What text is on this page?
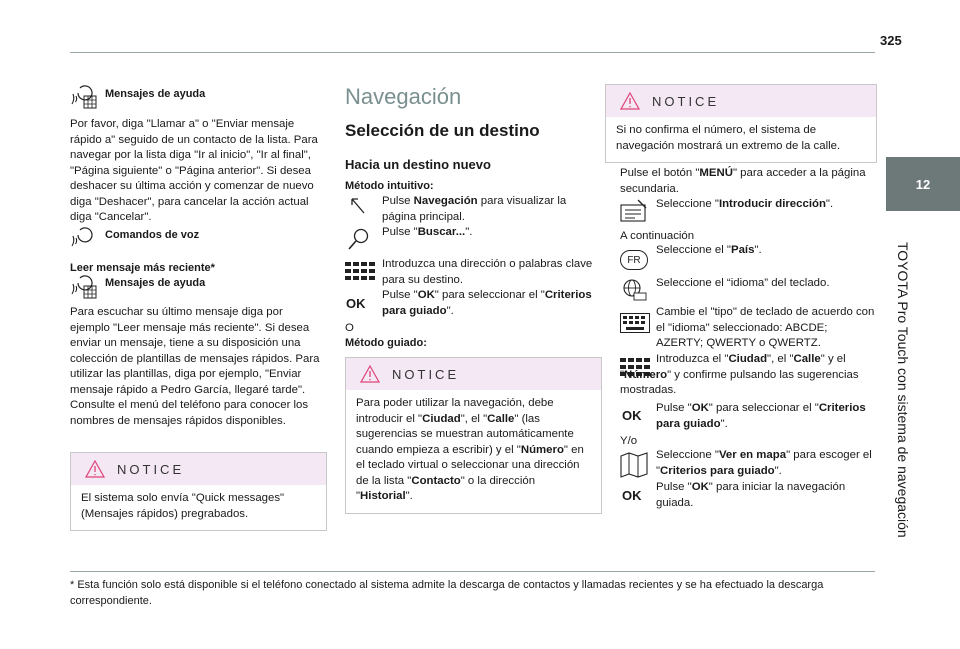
325
12
TOYOTA Pro Touch con sistema de navegación
Mensajes de ayuda
Por favor, diga "Llamar a" o "Enviar mensaje rápido a" seguido de un contacto de la lista. Para navegar por la lista diga "Ir al inicio", "Ir al final", "Página siguiente" o "Página anterior". Si desea deshacer su última acción y comenzar de nuevo diga "Deshacer", para cancelar la acción actual diga "Cancelar".
Comandos de voz
Leer mensaje más reciente*
Mensajes de ayuda
Para escuchar su último mensaje diga por ejemplo "Leer mensaje más reciente". Si desea enviar un mensaje, tiene a su disposición una colección de plantillas de mensajes rápidos. Para utilizar las plantillas, diga por ejemplo, "Enviar mensaje rápido a Pedro García, llegaré tarde". Consulte el menú del teléfono para conocer los nombres de mensajes rápidos disponibles.
NOTICE
El sistema solo envía "Quick messages" (Mensajes rápidos) pregrabados.
Navegación
Selección de un destino
Hacia un destino nuevo
Método intuitivo:
Pulse Navegación para visualizar la página principal.
Pulse "Buscar...".
Introduzca una dirección o palabras clave para su destino.
OK
Pulse "OK" para seleccionar el "Criterios para guiado".
O
Método guiado:
NOTICE
Para poder utilizar la navegación, debe introducir el "Ciudad", el "Calle" (las sugerencias se muestran automáticamente cuando empieza a escribir) y el "Número" en el teclado virtual o seleccionar una dirección de la lista "Contacto" o la dirección "Historial".
NOTICE
Si no confirma el número, el sistema de navegación mostrará un extremo de la calle.
Pulse el botón "MENÚ" para acceder a la página secundaria.
Seleccione "Introducir dirección".
A continuación
Seleccione el "País".
FR
Seleccione el “idioma” del teclado.
Cambie el "tipo" de teclado de acuerdo con el "idioma" seleccionado: ABCDE; AZERTY; QWERTY o QWERTZ.
Introduzca el "Ciudad", el "Calle" y el "Número" y confirme pulsando las sugerencias mostradas.
OK Pulse "OK" para seleccionar el "Criterios para guiado".
Y/o
Seleccione "Ver en mapa" para escoger el "Criterios para guiado".
OK
Pulse "OK" para iniciar la navegación guiada.
* Esta función solo está disponible si el teléfono conectado al sistema admite la descarga de contactos y llamadas recientes y se ha efectuado la descarga correspondiente.
